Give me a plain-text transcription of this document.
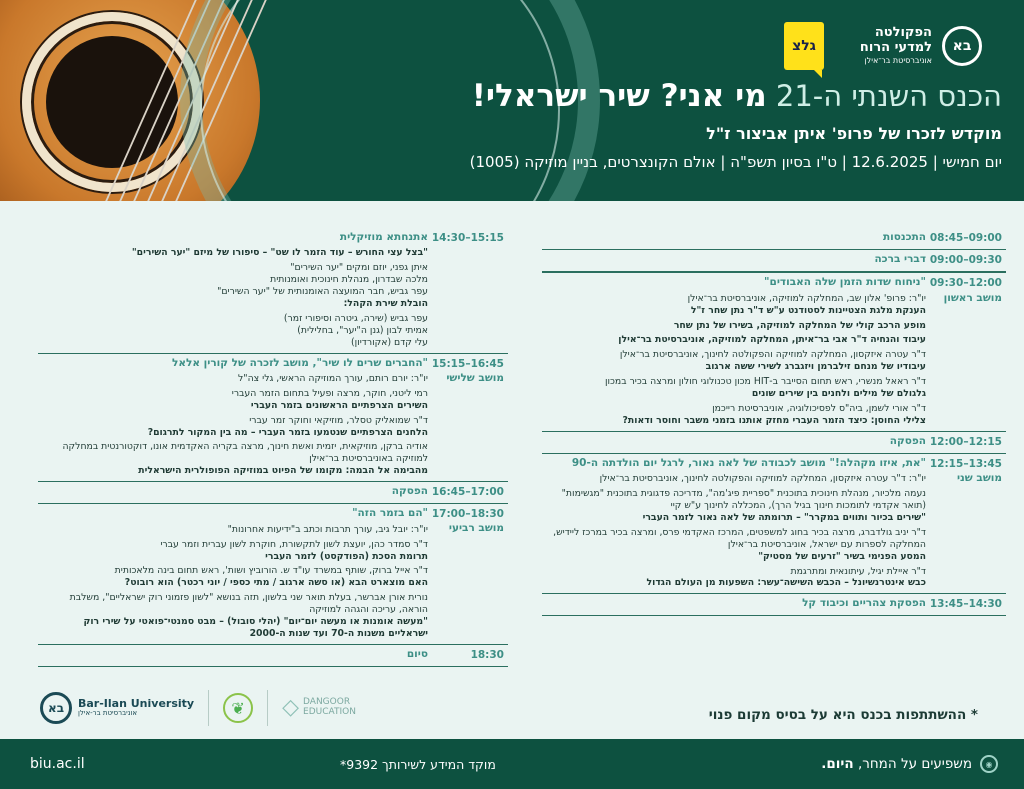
גלצ	בא
הפקולטה
למדעי הרוח
אוניברסיטת בר־אילן
הכנס השנתי ה-21 מי אני? שיר ישראלי!
מוקדש לזכרו של פרופ' איתן אביצור ז"ל
יום חמישי | 12.6.2025 | ט"ו בסיון תשפ"ה | אולם הקונצרטים, בניין מוזיקה (1005)
09:00–08:45
התכנסות
09:30–09:00
דברי ברכה
12:00–09:30
מושב ראשון
"ניחוח שדות הזמן שלה האבודים"

יו"ר: פרופ' אלון שב, המחלקה למוזיקה, אוניברסיטת בר־אילן
הענקת מלגת הצטיינות לסטודנט ע"ש ד"ר נתן שחר ז"ל

מופע הרכב קולי של המחלקה למוזיקה, בשירו של נתן שחר

עיבוד והנחיה ד"ר אבי בר־איתן, המחלקה למוזיקה, אוניברסיטת בר־אילן

ד"ר עטרה איזקסון, המחלקה למוזיקה והפקולטה לחינוך, אוניברסיטת בר־אילן
עיבודיו של מנחם זילברמן ויזגברג לשירי ששה ארגוב

ד"ר ראאל מנשרי, ראש תחום הסייבר ב-HIT מכון טכנולוגי חולון ומרצה בכיר במכון
גלגולם של מילים ולחנים בין שירים שונים

ד"ר אורי לשמן, ביה"ס לפסיכולוגיה, אוניברסיטת רייכמן
צלילי החוסן: כיצד הזמר העברי מחזק אותנו בזמני משבר וחוסר ודאות?

12:15–12:00
הפסקה
13:45–12:15
מושב שני
"את, איזו מקהלה!" מושב לכבודה של לאה נאור, לרגל יום הולדתה ה-90

יו"ר: ד"ר עטרה איזקסון, המחלקה למוזיקה והפקולטה לחינוך, אוניברסיטת בר־אילן

נעמה מלכיור, מנהלת חינוכית בתוכנית "ספריית פיג'מה", מדריכה פדגוגית בתוכנית "מגשימות" (תואר אקדמי לתומכות חינוך בגיל הרך), המכללה לחינוך ע"ש קיי
"שירים בכיור ותווים במקרר" – תרומתה של לאה נאור לזמר העברי

ד"ר יניב גולדברג, מרצה בכיר בחוג למשפטים, המרכז האקדמי פרס, ומרצה בכיר במרכז ליידיש, המחלקה לספרות עם ישראל, אוניברסיטת בר־אילן
המסע הפנימי בשיר "זרעים של מסטיק"

ד"ר איילת יגיל, עיתונאית ומתרגמת
כבש אינטרנשיונל – הכבש השישה־עשר: השפעות מן העולם הגדול

14:30–13:45
הפסקת צהריים וכיבוד קל
15:15–14:30
אתנחתא מוזיקלית

"בצל עצי החורש – עוד הזמר לו שט" – סיפורו של מיזם "יער השירים"

איתן גפני, יוזם ומקים "יער השירים"
מלכה שבדרון, מנהלת חינוכית ואומנותית
עפר גביש, חבר המועצה האומנותית של "יער השירים"
הובלת שירת הקהל:

עפר גביש (שירה, גיטרה וסיפורי זמר)
אמיתי לבון (גנן ה"יער", בחלילית)
עלי קדם (אקורדיון)

16:45–15:15
מושב שלישי
"החברים שרים לו שיר", מושב לזכרה של קורין אלאל

יו"ר: יורם רותם, עורך המוזיקה הראשי, גלי צה"ל

רמי ליטני, חוקר, מרצה ופעיל בתחום הזמר העברי
השירים הצרפתיים הראשונים בזמר העברי

ד"ר שמואליק טסלר, מוזיקאי וחוקר זמר עברי
הלחנים הצרפתיים שנטמעו בזמר העברי – מה בין המקור לתרגום?

אודיה ברקן, מוזיקאית, יזמית ואשת חינוך, מרצה בקריה האקדמית אונו, דוקטורנטית במחלקה למוזיקה באוניברסיטת בר־אילן
מהבימה אל הבמה: מקומו של הפיוט במוזיקה הפופולרית הישראלית

17:00–16:45
הפסקה
18:30–17:00
מושב רביעי
"הם בזמר הזה"

יו"ר: יובל גיב, עורך תרבות וכתב ב"ידיעות אחרונות"

ד"ר סמדר כהן, יועצת לשון לתקשורת, חוקרת לשון עברית וזמר עברי
תרומת הסכת (הפודקסט) לזמר העברי

ד"ר אייל ברוק, שותף במשרד עו"ד ש. הורוביץ ושות', ראש תחום בינה מלאכותית
האם מוצארט הבא (או סשה ארגוב / מתי כספי / יוני רכטר) הוא רובוט?

נורית אורן אברשר, בעלת תואר שני בלשון, תזה בנושא "לשון פזמוני רוק ישראליים", משלבת הוראה, עריכה והגהה למוזיקה
"מעשה אומנות או מעשה יום־יום" (יהלי סובול) – מבט סמנטי־פואטי על שירי רוק ישראליים משנות ה-70 ועד שנות ה-2000

18:30
סיום
* ההשתתפות בכנס היא על בסיס מקום פנוי
בא	Bar-Ilan University
אוניברסיטת בר-אילן	❦	◇ DANGOOR
EDUCATION
biu.ac.il	מוקד המידע לשירותך 9392*	◉
משפיעים על המחר, היום.
